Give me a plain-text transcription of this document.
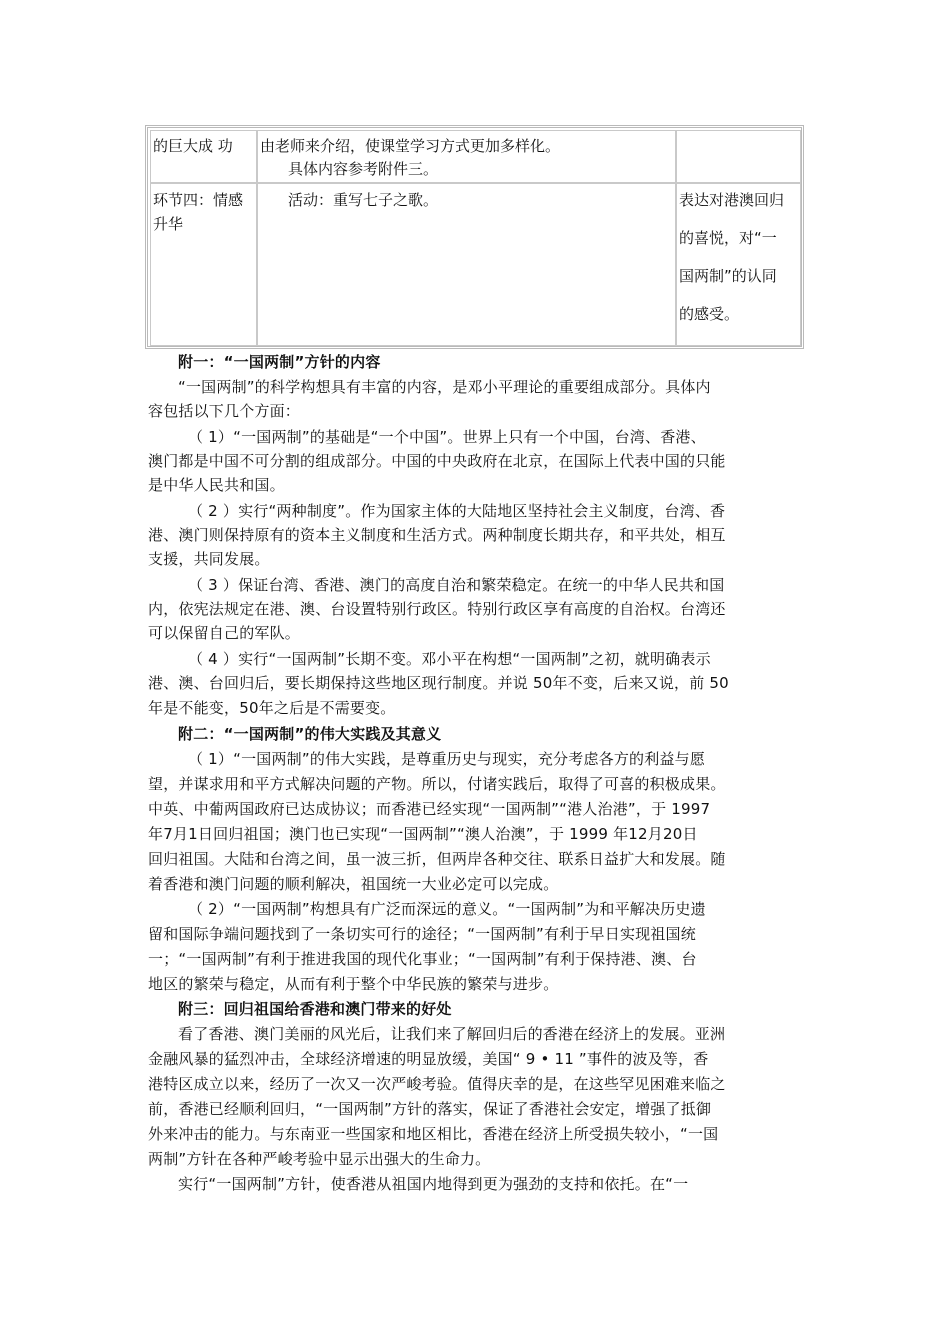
的巨大成 功 由老师来介绍，使课堂学习方式更加多样化。
具体内容参考附件三。
环节四：情感
升华
活动：重写七子之歌。	表达对港澳回归
的喜悦，对“一
国两制”的认同
的感受。
附一：“一国两制”方针的内容
“一国两制”的科学构想具有丰富的内容，是邓小平理论的重要组成部分。具体内
容包括以下几个方面：
（ 1）“一国两制”的基础是“一个中国”。世界上只有一个中国，台湾、香港、
澳门都是中国不可分割的组成部分。中国的中央政府在北京，在国际上代表中国的只能
是中华人民共和国。
（ 2 ）实行“两种制度”。作为国家主体的大陆地区坚持社会主义制度，台湾、香
港、澳门则保持原有的资本主义制度和生活方式。两种制度长期共存，和平共处，相互
支援，共同发展。
（ 3 ）保证台湾、香港、澳门的高度自治和繁荣稳定。在统一的中华人民共和国
内，依宪法规定在港、澳、台设置特别行政区。特别行政区享有高度的自治权。台湾还
可以保留自己的军队。
（ 4 ）实行“一国两制”长期不变。邓小平在构想“一国两制”之初，就明确表示
港、澳、台回归后，要长期保持这些地区现行制度。并说 50年不变，后来又说，前 50
年是不能变，50年之后是不需要变。
附二：“一国两制”的伟大实践及其意义
（ 1）“一国两制”的伟大实践，是尊重历史与现实，充分考虑各方的利益与愿
望，并谋求用和平方式解决问题的产物。所以，付诸实践后，取得了可喜的积极成果。
中英、中葡两国政府已达成协议；而香港已经实现“一国两制”“港人治港”，于 1997
年7月1日回归祖国；澳门也已实现“一国两制”“澳人治澳”，于 1999 年12月20日
回归祖国。大陆和台湾之间，虽一波三折，但两岸各种交往、联系日益扩大和发展。随
着香港和澳门问题的顺利解决，祖国统一大业必定可以完成。
（ 2）“一国两制”构想具有广泛而深远的意义。“一国两制”为和平解决历史遗
留和国际争端问题找到了一条切实可行的途径；“一国两制”有利于早日实现祖国统
一；“一国两制”有利于推进我国的现代化事业；“一国两制”有利于保持港、澳、台
地区的繁荣与稳定，从而有利于整个中华民族的繁荣与进步。
附三：回归祖国给香港和澳门带来的好处
看了香港、澳门美丽的风光后，让我们来了解回归后的香港在经济上的发展。亚洲
金融风暴的猛烈冲击，全球经济增速的明显放缓，美国“ 9 • 11 ”事件的波及等，香
港特区成立以来，经历了一次又一次严峻考验。值得庆幸的是，在这些罕见困难来临之
前，香港已经顺利回归，“一国两制”方针的落实，保证了香港社会安定，增强了抵御
外来冲击的能力。与东南亚一些国家和地区相比，香港在经济上所受损失较小，“一国
两制”方针在各种严峻考验中显示出强大的生命力。
实行“一国两制”方针，使香港从祖国内地得到更为强劲的支持和依托。在“一
